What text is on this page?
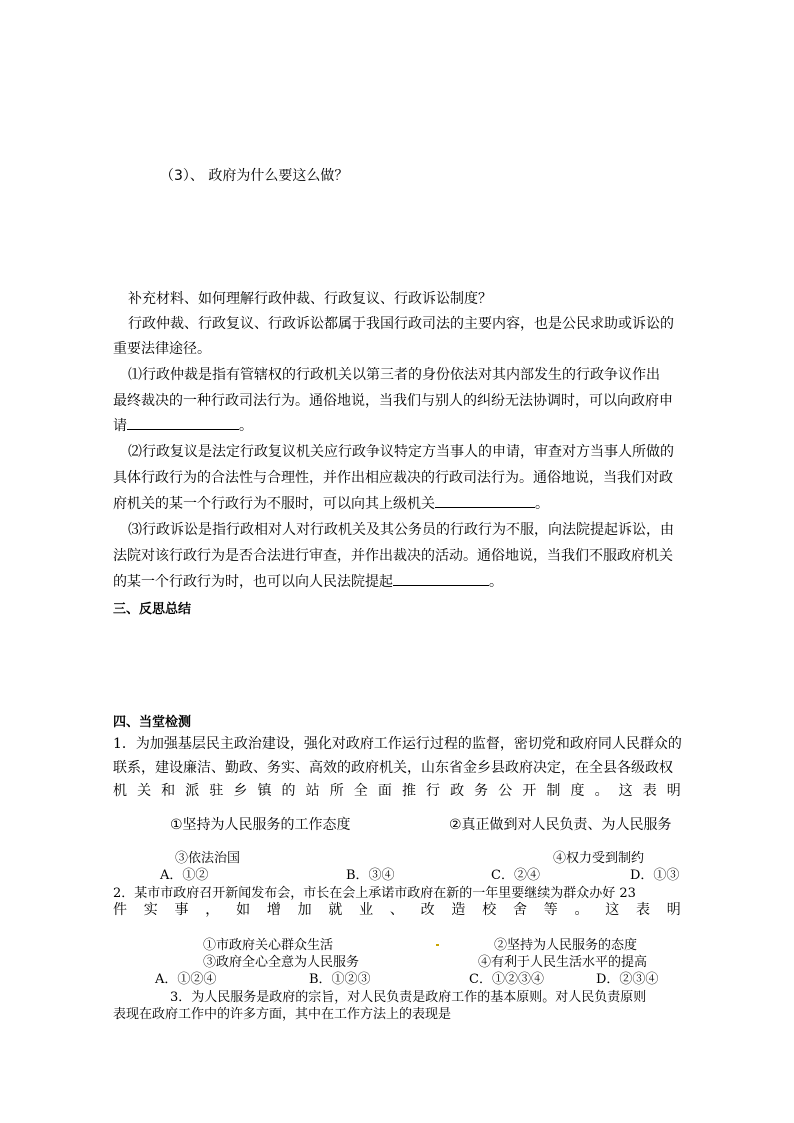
（3）、 政府为什么要这么做？
补充材料、如何理解行政仲裁、行政复议、行政诉讼制度？
行政仲裁、行政复议、行政诉讼都属于我国行政司法的主要内容，也是公民求助或诉讼的
重要法律途径。
⑴行政仲裁是指有管辖权的行政机关以第三者的身份依法对其内部发生的行政争议作出
最终裁决的一种行政司法行为。通俗地说，当我们与别人的纠纷无法协调时，可以向政府申
请	。
⑵行政复议是法定行政复议机关应行政争议特定方当事人的申请，审查对方当事人所做的
具体行政行为的合法性与合理性，并作出相应裁决的行政司法行为。通俗地说，当我们对政
府机关的某一个行政行为不服时，可以向其上级机关	。
⑶行政诉讼是指行政相对人对行政机关及其公务员的行政行为不服，向法院提起诉讼，由
法院对该行政行为是否合法进行审查，并作出裁决的活动。通俗地说，当我们不服政府机关
的某一个行政行为时，也可以向人民法院提起	。
三、反思总结
四、当堂检测
1．为加强基层民主政治建设，强化对政府工作运行过程的监督，密切党和政府同人民群众的
联系，建设廉洁、勤政、务实、高效的政府机关，山东省金乡县政府决定，在全县各级政权
机 关 和 派 驻 乡 镇 的 站 所 全 面 推 行 政 务 公 开 制 度 。 这 表 明
①坚持为人民服务的工作态度	②真正做到对人民负责、为人民服务
③依法治国	④权力受到制约
A．①②	B．③④	C．②④	D．①③
2．某市市政府召开新闻发布会，市长在会上承诺市政府在新的一年里要继续为群众办好 23
件 实 事 ， 如 增 加 就 业 、 改 造 校 舍 等 。 这 表 明
①市政府关心群众生活	②坚持为人民服务的态度
③政府全心全意为人民服务	④有利于人民生活水平的提高
A．①②④	B．①②③	C．①②③④	D．②③④
3．为人民服务是政府的宗旨，对人民负责是政府工作的基本原则。对人民负责原则
表现在政府工作中的许多方面，其中在工作方法上的表现是
